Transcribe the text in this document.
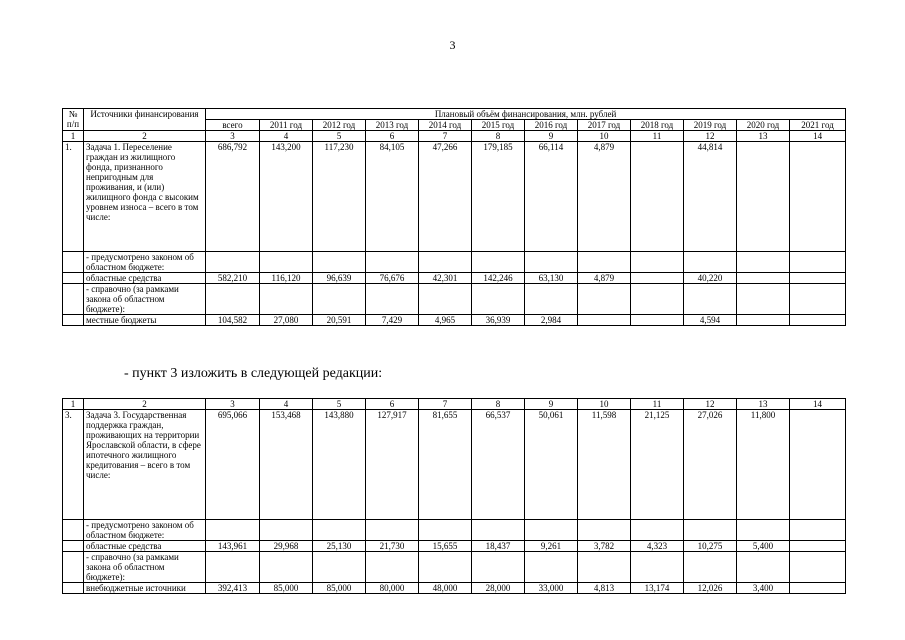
3
№ п/п	Источники финансирования	Плановый объём финансирования, млн. рублей											
		всего	2011 год	2012 год	2013 год	2014 год	2015 год	2016 год	2017 год	2018 год	2019 год	2020 год	2021 год
1	2	3	4	5	6	7	8	9	10	11	12	13	14
1.	Задача 1. Переселение граждан из жилищного фонда, признанного непригодным для проживания, и (или) жилищного фонда с высоким уровнем износа – всего в том числе:	686,792	143,200	117,230	84,105	47,266	179,185	66,114	4,879		44,814		
	- предусмотрено законом об областном бюджете:												
	областные средства	582,210	116,120	96,639	76,676	42,301	142,246	63,130	4,879		40,220		
	- справочно (за рамками закона об областном бюджете):												
	местные бюджеты	104,582	27,080	20,591	7,429	4,965	36,939	2,984			4,594		
- пункт 3 изложить в следующей редакции:
1	2	3	4	5	6	7	8	9	10	11	12	13	14
3.	Задача 3. Государственная поддержка граждан, проживающих на территории Ярославской области, в сфере ипотечного жилищного кредитования – всего в том числе:	695,066	153,468	143,880	127,917	81,655	66,537	50,061	11,598	21,125	27,026	11,800	
	- предусмотрено законом об областном бюджете:												
	областные средства	143,961	29,968	25,130	21,730	15,655	18,437	9,261	3,782	4,323	10,275	5,400	
	- справочно (за рамками закона об областном бюджете):												
	внебюджетные источники	392,413	85,000	85,000	80,000	48,000	28,000	33,000	4,813	13,174	12,026	3,400	
